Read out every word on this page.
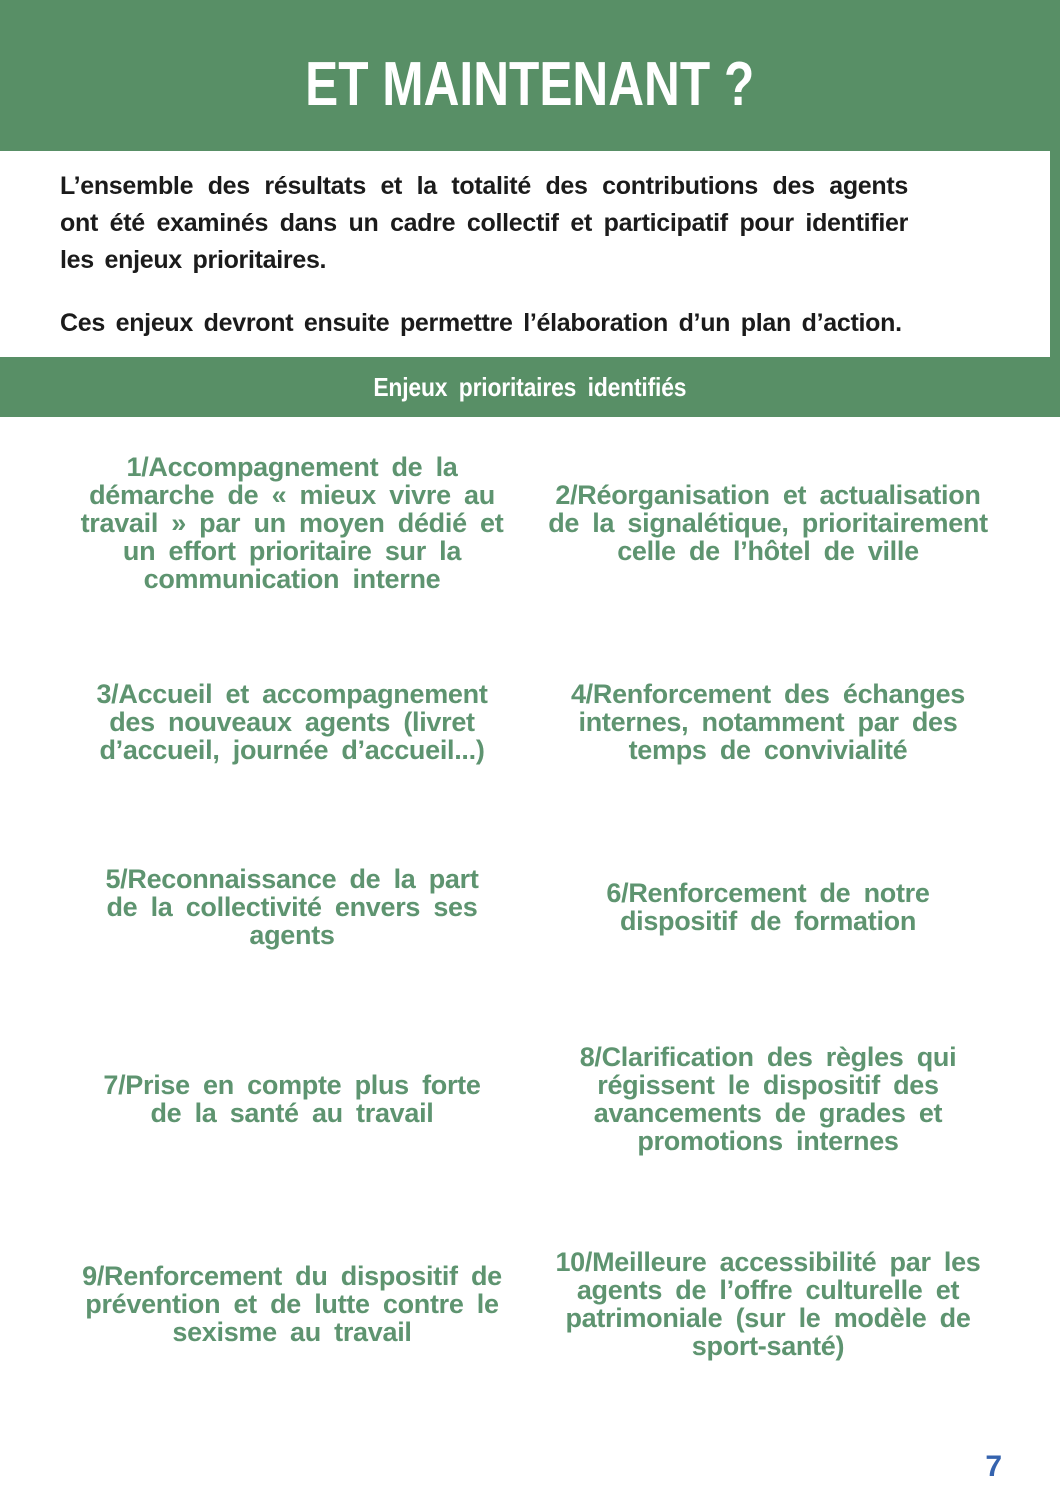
ET MAINTENANT ?

L’ensemble des résultats et la totalité des contributions des agents ont été examinés dans un cadre collectif et participatif pour identifier les enjeux prioritaires.

Ces enjeux devront ensuite permettre l’élaboration d’un plan d’action.

Enjeux prioritaires identifiés
1/Accompagnement de la démarche de « mieux vivre au travail » par un moyen dédié et un effort prioritaire sur la communication interne
2/Réorganisation et actualisation de la signalétique, prioritairement celle de l’hôtel de ville
3/Accueil et accompagnement des nouveaux agents (livret d’accueil, journée d’accueil...)
4/Renforcement des échanges internes, notamment par des temps de convivialité
5/Reconnaissance de la part de la collectivité envers ses agents
6/Renforcement de notre dispositif de formation
7/Prise en compte plus forte de la santé au travail
8/Clarification des règles qui régissent le dispositif des avancements de grades et promotions internes
9/Renforcement du dispositif de prévention et de lutte contre le sexisme au travail
10/Meilleure accessibilité par les agents de l’offre culturelle et patrimoniale (sur le modèle de sport-santé)
7
